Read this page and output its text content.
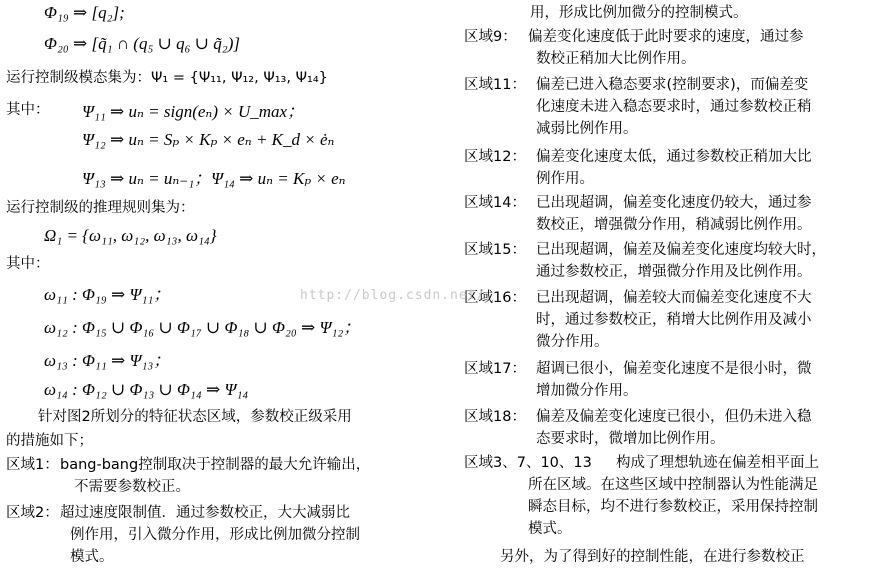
Φ₁₉ ⇒ [q₂];
Φ₂₀ ⇒ [q̃₁ ∩ (q₅ ∪ q₆ ∪ q̃₂)]
运行控制级模态集为：Ψ₁ = {Ψ₁₁, Ψ₁₂, Ψ₁₃, Ψ₁₄}
其中： Ψ₁₁ ⇒ uₙ = sign(eₙ) × U_max；
Ψ₁₂ ⇒ uₙ = Sₚ × Kₚ × eₙ + K_d × ėₙ
Ψ₁₃ ⇒ uₙ = uₙ₋₁；Ψ₁₄ ⇒ uₙ = Kₚ × eₙ
运行控制级的推理规则集为：
Ω₁ = {ω₁₁, ω₁₂, ω₁₃, ω₁₄}
其中：
ω₁₁ : Φ₁₉ ⇒ Ψ₁₁；
ω₁₂ : Φ₁₅ ∪ Φ₁₆ ∪ Φ₁₇ ∪ Φ₁₈ ∪ Φ₂₀ ⇒ Ψ₁₂；
ω₁₃ : Φ₁₁ ⇒ Ψ₁₃；
ω₁₄ : Φ₁₂ ∪ Φ₁₃ ∪ Φ₁₄ ⇒ Ψ₁₄
针对图2所划分的特征状态区域，参数校正级采用
的措施如下；
区域1： bang-bang控制取决于控制器的最大允许输出，
不需要参数校正。
区域2： 超过速度限制值．通过参数校正，大大减弱比
例作用，引入微分作用，形成比例加微分控制
模式。
用，形成比例加微分的控制模式。
区域9： 偏差变化速度低于此时要求的速度，通过参
数校正稍加大比例作用。
区域11： 偏差已进入稳态要求(控制要求)，而偏差变
化速度未进入稳态要求时，通过参数校正稍
减弱比例作用。
区域12： 偏差变化速度太低，通过参数校正稍加大比
例作用。
区域14： 已出现超调，偏差变化速度仍较大，通过参
数校正，增强微分作用，稍减弱比例作用。
区域15： 已出现超调，偏差及偏差变化速度均较大时，
通过参数校正，增强微分作用及比例作用。
区域16： 已出现超调，偏差较大而偏差变化速度不大
时，通过参数校正，稍增大比例作用及减小
微分作用。
区域17： 超调已很小，偏差变化速度不是很小时，微
增加微分作用。
区域18： 偏差及偏差变化速度已很小，但仍未进入稳
态要求时，微增加比例作用。
区域3、7、10、13 构成了理想轨迹在偏差相平面上
所在区域。在这些区域中控制器认为性能满足
瞬态目标，均不进行参数校正，采用保持控制
模式。
另外，为了得到好的控制性能，在进行参数校正
http://blog.csdn.net/
